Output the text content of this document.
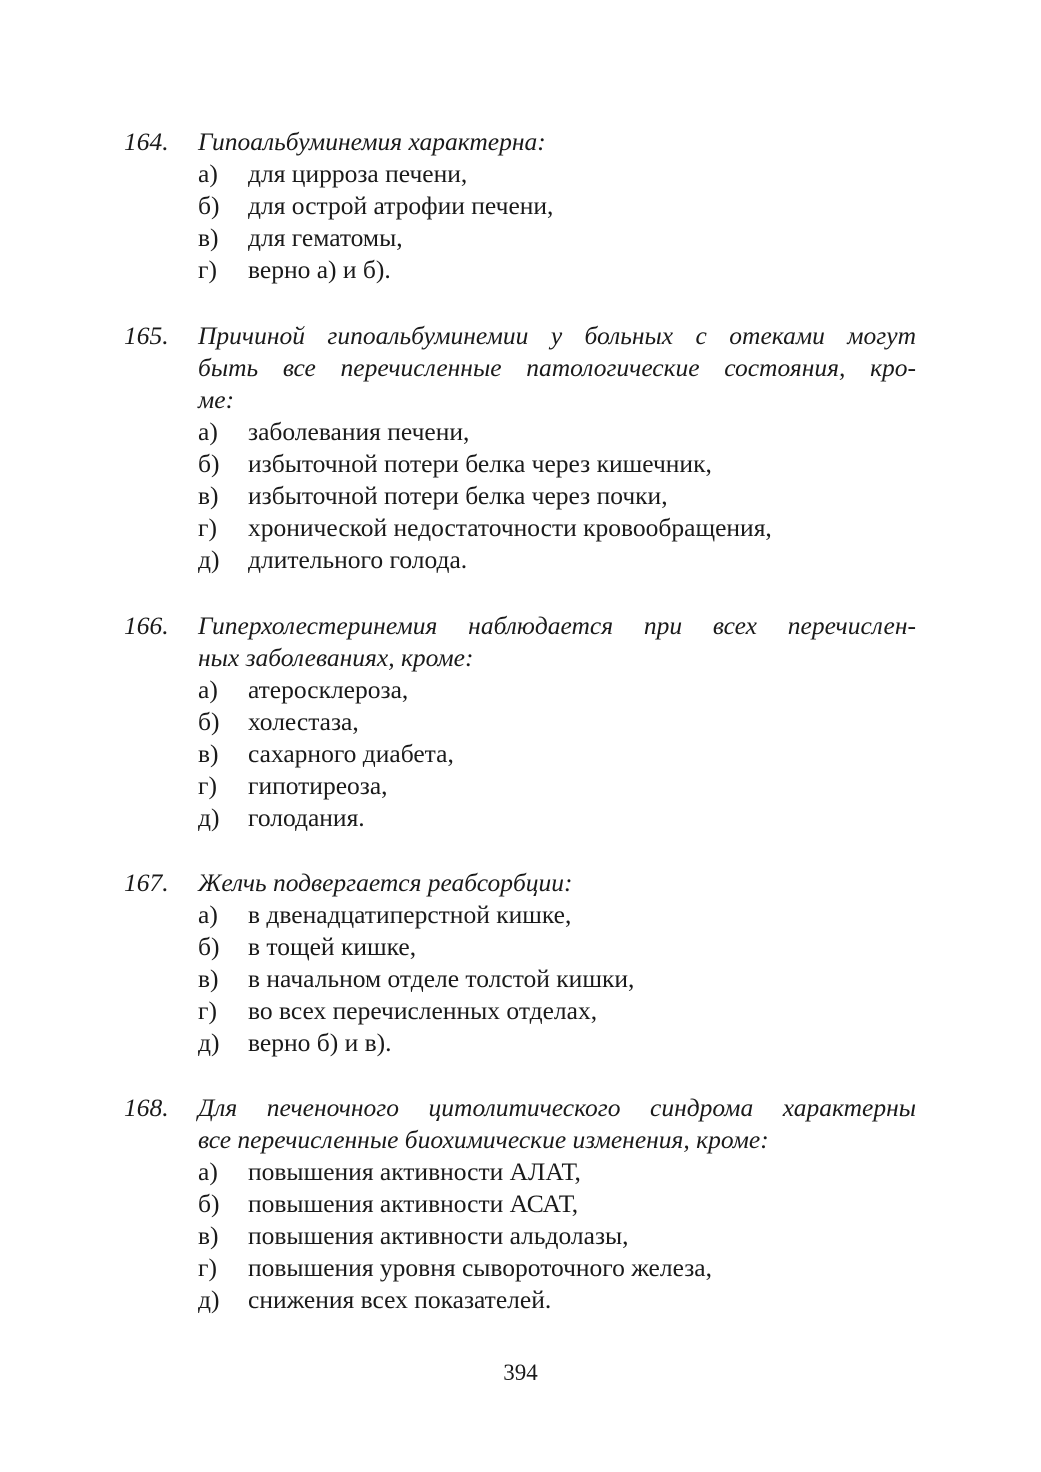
164.	Гипоальбуминемия характерна:
а)	для цирроза печени,
б)	для острой атрофии печени,
в)	для гематомы,
г)	верно а) и б).
165.	Причиной гипоальбуминемии у больных с отеками могут
быть все перечисленные патологические состояния, кро-
ме:
а)	заболевания печени,
б)	избыточной потери белка через кишечник,
в)	избыточной потери белка через почки,
г)	хронической недостаточности кровообращения,
д)	длительного голода.
166.	Гиперхолестеринемия наблюдается при всех перечислен-
ных заболеваниях, кроме:
а)	атеросклероза,
б)	холестаза,
в)	сахарного диабета,
г)	гипотиреоза,
д)	голодания.
167.	Желчь подвергается реабсорбции:
а)	в двенадцатиперстной кишке,
б)	в тощей кишке,
в)	в начальном отделе толстой кишки,
г)	во всех перечисленных отделах,
д)	верно б) и в).
168.	Для печеночного цитолитического синдрома характерны
все перечисленные биохимические изменения, кроме:
а)	повышения активности АЛАТ,
б)	повышения активности АСАТ,
в)	повышения активности альдолазы,
г)	повышения уровня сывороточного железа,
д)	снижения всех показателей.
394
